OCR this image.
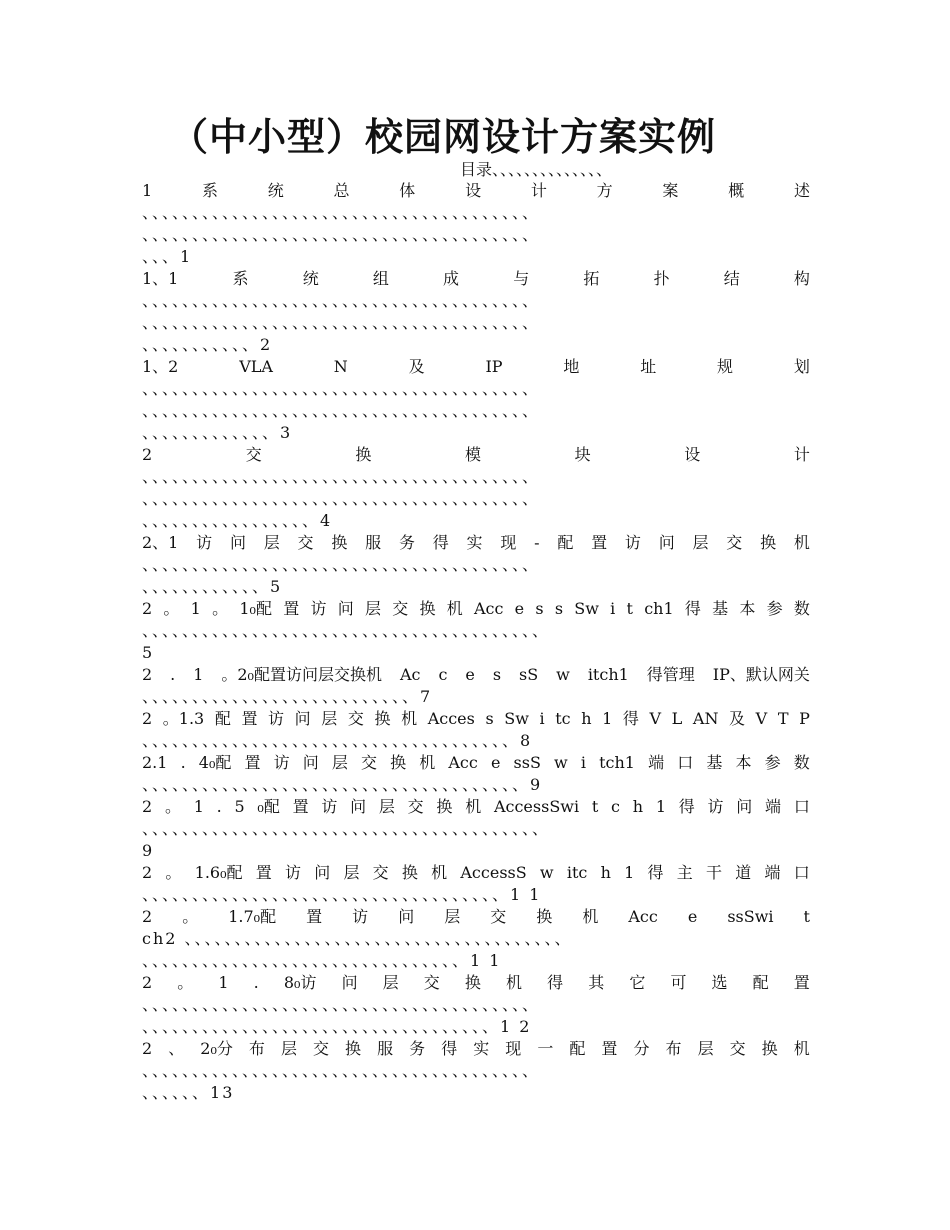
（中小型）校园网设计方案实例
目录、、、、、、、、、、、、、、
1	系	统	总	体	设	计	方	案	概	述
、、、、、、、、、、、、、、、、、、、、、、、、、、、、、、、、、、、、、、、
、、、、、、、、、、、、、、、、、、、、、、、、、、、、、、、、、、、、、、、
、、、1
1、1	系	统	组	成	与	拓	扑	结	构
、、、、、、、、、、、、、、、、、、、、、、、、、、、、、、、、、、、、、、、
、、、、、、、、、、、、、、、、、、、、、、、、、、、、、、、、、、、、、、、
、、、、、、、、、、、2
1、2	VLA	N	及	IP	地	址	规	划
、、、、、、、、、、、、、、、、、、、、、、、、、、、、、、、、、、、、、、、
、、、、、、、、、、、、、、、、、、、、、、、、、、、、、、、、、、、、、、、
、、、、、、、、、、、、、3
2	交	换	模	块	设	计
、、、、、、、、、、、、、、、、、、、、、、、、、、、、、、、、、、、、、、、
、、、、、、、、、、、、、、、、、、、、、、、、、、、、、、、、、、、、、、、
、、、、、、、、、、、、、、、、、4
2、1 访 问 层 交 换 服 务 得 实 现 - 配 置 访 问 层 交 换 机
、、、、、、、、、、、、、、、、、、、、、、、、、、、、、、、、、、、、、、、
、、、、、、、、、、、、5
2 。 1 。 1₀配 置 访 问 层 交 换 机 Acc e s s Sw i t ch1 得 基 本 参 数
、、、、、、、、、、、、、、、、、、、、、、、、、、、、、、、、、、、、、、、、
5
2 . 1 。2₀配置访问层交换机 Ac c e s sS w itch1 得管理 IP、默认网关
、、、、、、、、、、、、、、、、、、、、、、、、、、、7
2 。1.3 配 置 访 问 层 交 换 机 Acces s Sw i tc h 1 得 V L AN 及 V T P
、、、、、、、、、、、、、、、、、、、、、、、、、、、、、、、、、、、、、8
2.1 . 4₀配 置 访 问 层 交 换 机 Acc e ssS w i tch1 端 口 基 本 参 数
、、、、、、、、、、、、、、、、、、、、、、、、、、、、、、、、、、、、、、9
2 。 1 . 5 ₀配 置 访 问 层 交 换 机 AccessSwi t c h 1 得 访 问 端 口
、、、、、、、、、、、、、、、、、、、、、、、、、、、、、、、、、、、、、、、、
9
2 。 1.6₀配 置 访 问 层 交 换 机 AccessS w itc h 1 得 主 干 道 端 口
、、、、、、、、、、、、、、、、、、、、、、、、、、、、、、、、、、、、1 1
2 。 1.7₀配 置 访 问 层 交 换 机 Acc e ssSwi t
ch2 、、、、、、、、、、、、、、、、、、、、、、、、、、、、、、、、、、、、、、
、、、、、、、、、、、、、、、、、、、、、、、、、、、、、、、、1 1
2 。 1 . 8₀访 问 层 交 换 机 得 其 它 可 选 配 置
、、、、、、、、、、、、、、、、、、、、、、、、、、、、、、、、、、、、、、、
、、、、、、、、、、、、、、、、、、、、、、、、、、、、、、、、、、、1 2
2 、 2₀分 布 层 交 换 服 务 得 实 现 一 配 置 分 布 层 交 换 机
、、、、、、、、、、、、、、、、、、、、、、、、、、、、、、、、、、、、、、、
、、、、、、13
